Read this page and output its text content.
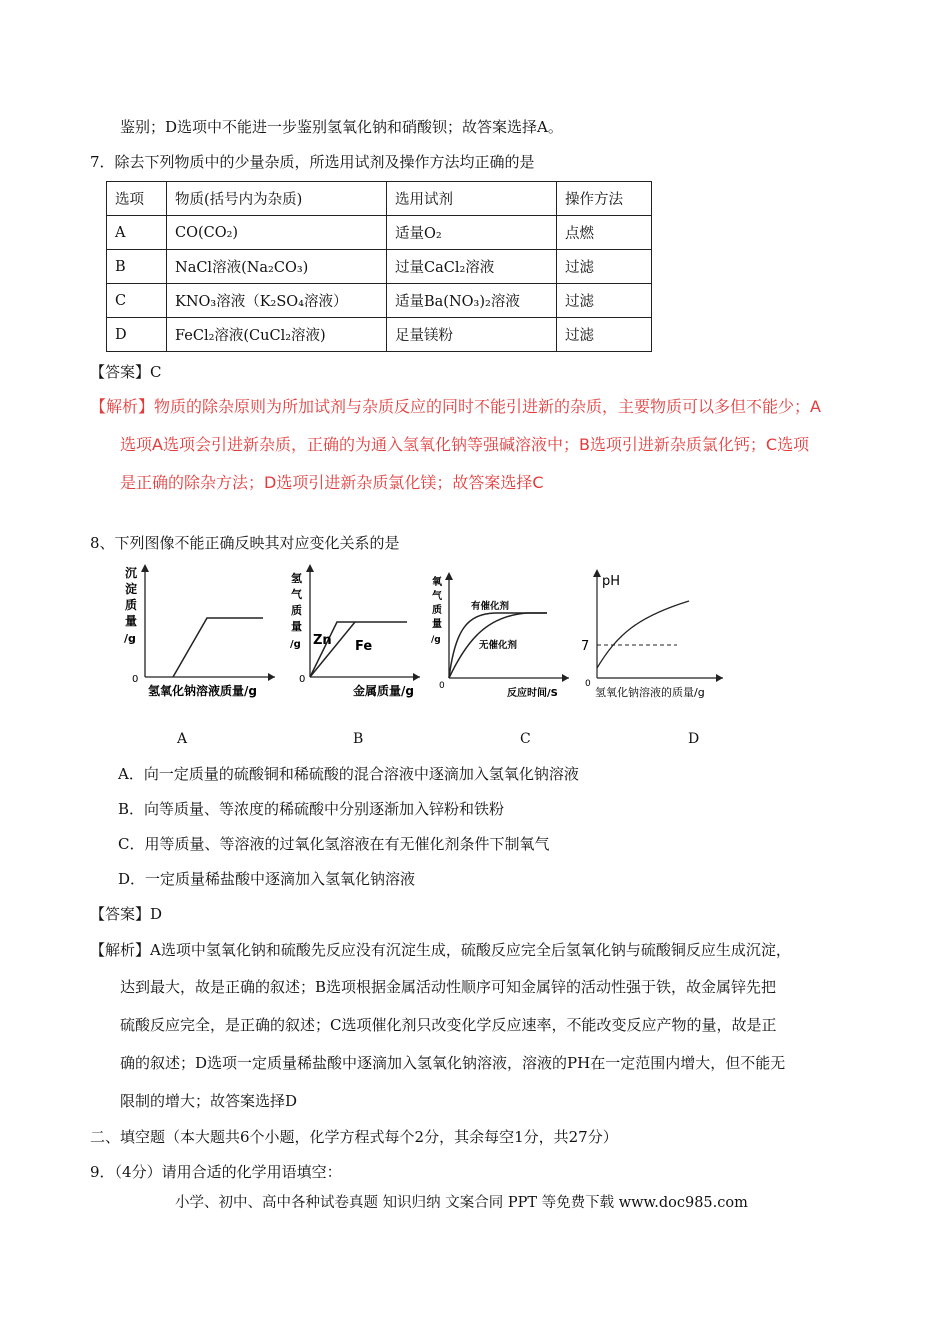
鉴别；D选项中不能进一步鉴别氢氧化钠和硝酸钡；故答案选择A。
7．除去下列物质中的少量杂质，所选用试剂及操作方法均正确的是
选项	物质(括号内为杂质)	选用试剂	操作方法
A	CO(CO₂)	适量O₂	点燃
B	NaCl溶液(Na₂CO₃)	过量CaCl₂溶液	过滤
C	KNO₃溶液（K₂SO₄溶液）	适量Ba(NO₃)₂溶液	过滤
D	FeCl₂溶液(CuCl₂溶液)	足量镁粉	过滤
【答案】C
【解析】物质的除杂原则为所加试剂与杂质反应的同时不能引进新的杂质，主要物质可以多但不能少；A
选项A选项会引进新杂质，正确的为通入氢氧化钠等强碱溶液中；B选项引进新杂质氯化钙；C选项
是正确的除杂方法；D选项引进新杂质氯化镁；故答案选择C
8、下列图像不能正确反映其对应变化关系的是
沉
淀
质
量
/g
0
氢氧化钠溶液质量/g
氢
气
质
量
/g Zn Fe
0
金属质量/g
氧
气
质
量
/g
有催化剂
无催化剂
0
反应时间/S
pH
7
0
氢氧化钠溶液的质量/g
A	B	C	D
A．向一定质量的硫酸铜和稀硫酸的混合溶液中逐滴加入氢氧化钠溶液
B．向等质量、等浓度的稀硫酸中分别逐渐加入锌粉和铁粉
C．用等质量、等溶液的过氧化氢溶液在有无催化剂条件下制氧气
D．一定质量稀盐酸中逐滴加入氢氧化钠溶液
【答案】D
【解析】A选项中氢氧化钠和硫酸先反应没有沉淀生成，硫酸反应完全后氢氧化钠与硫酸铜反应生成沉淀，
达到最大，故是正确的叙述；B选项根据金属活动性顺序可知金属锌的活动性强于铁，故金属锌先把
硫酸反应完全，是正确的叙述；C选项催化剂只改变化学反应速率，不能改变反应产物的量，故是正
确的叙述；D选项一定质量稀盐酸中逐滴加入氢氧化钠溶液，溶液的PH在一定范围内增大，但不能无
限制的增大；故答案选择D
二、填空题（本大题共6个小题，化学方程式每个2分，其余每空1分，共27分）
9．（4分）请用合适的化学用语填空：
小学、初中、高中各种试卷真题 知识归纳 文案合同 PPT 等免费下载 www.doc985.com
